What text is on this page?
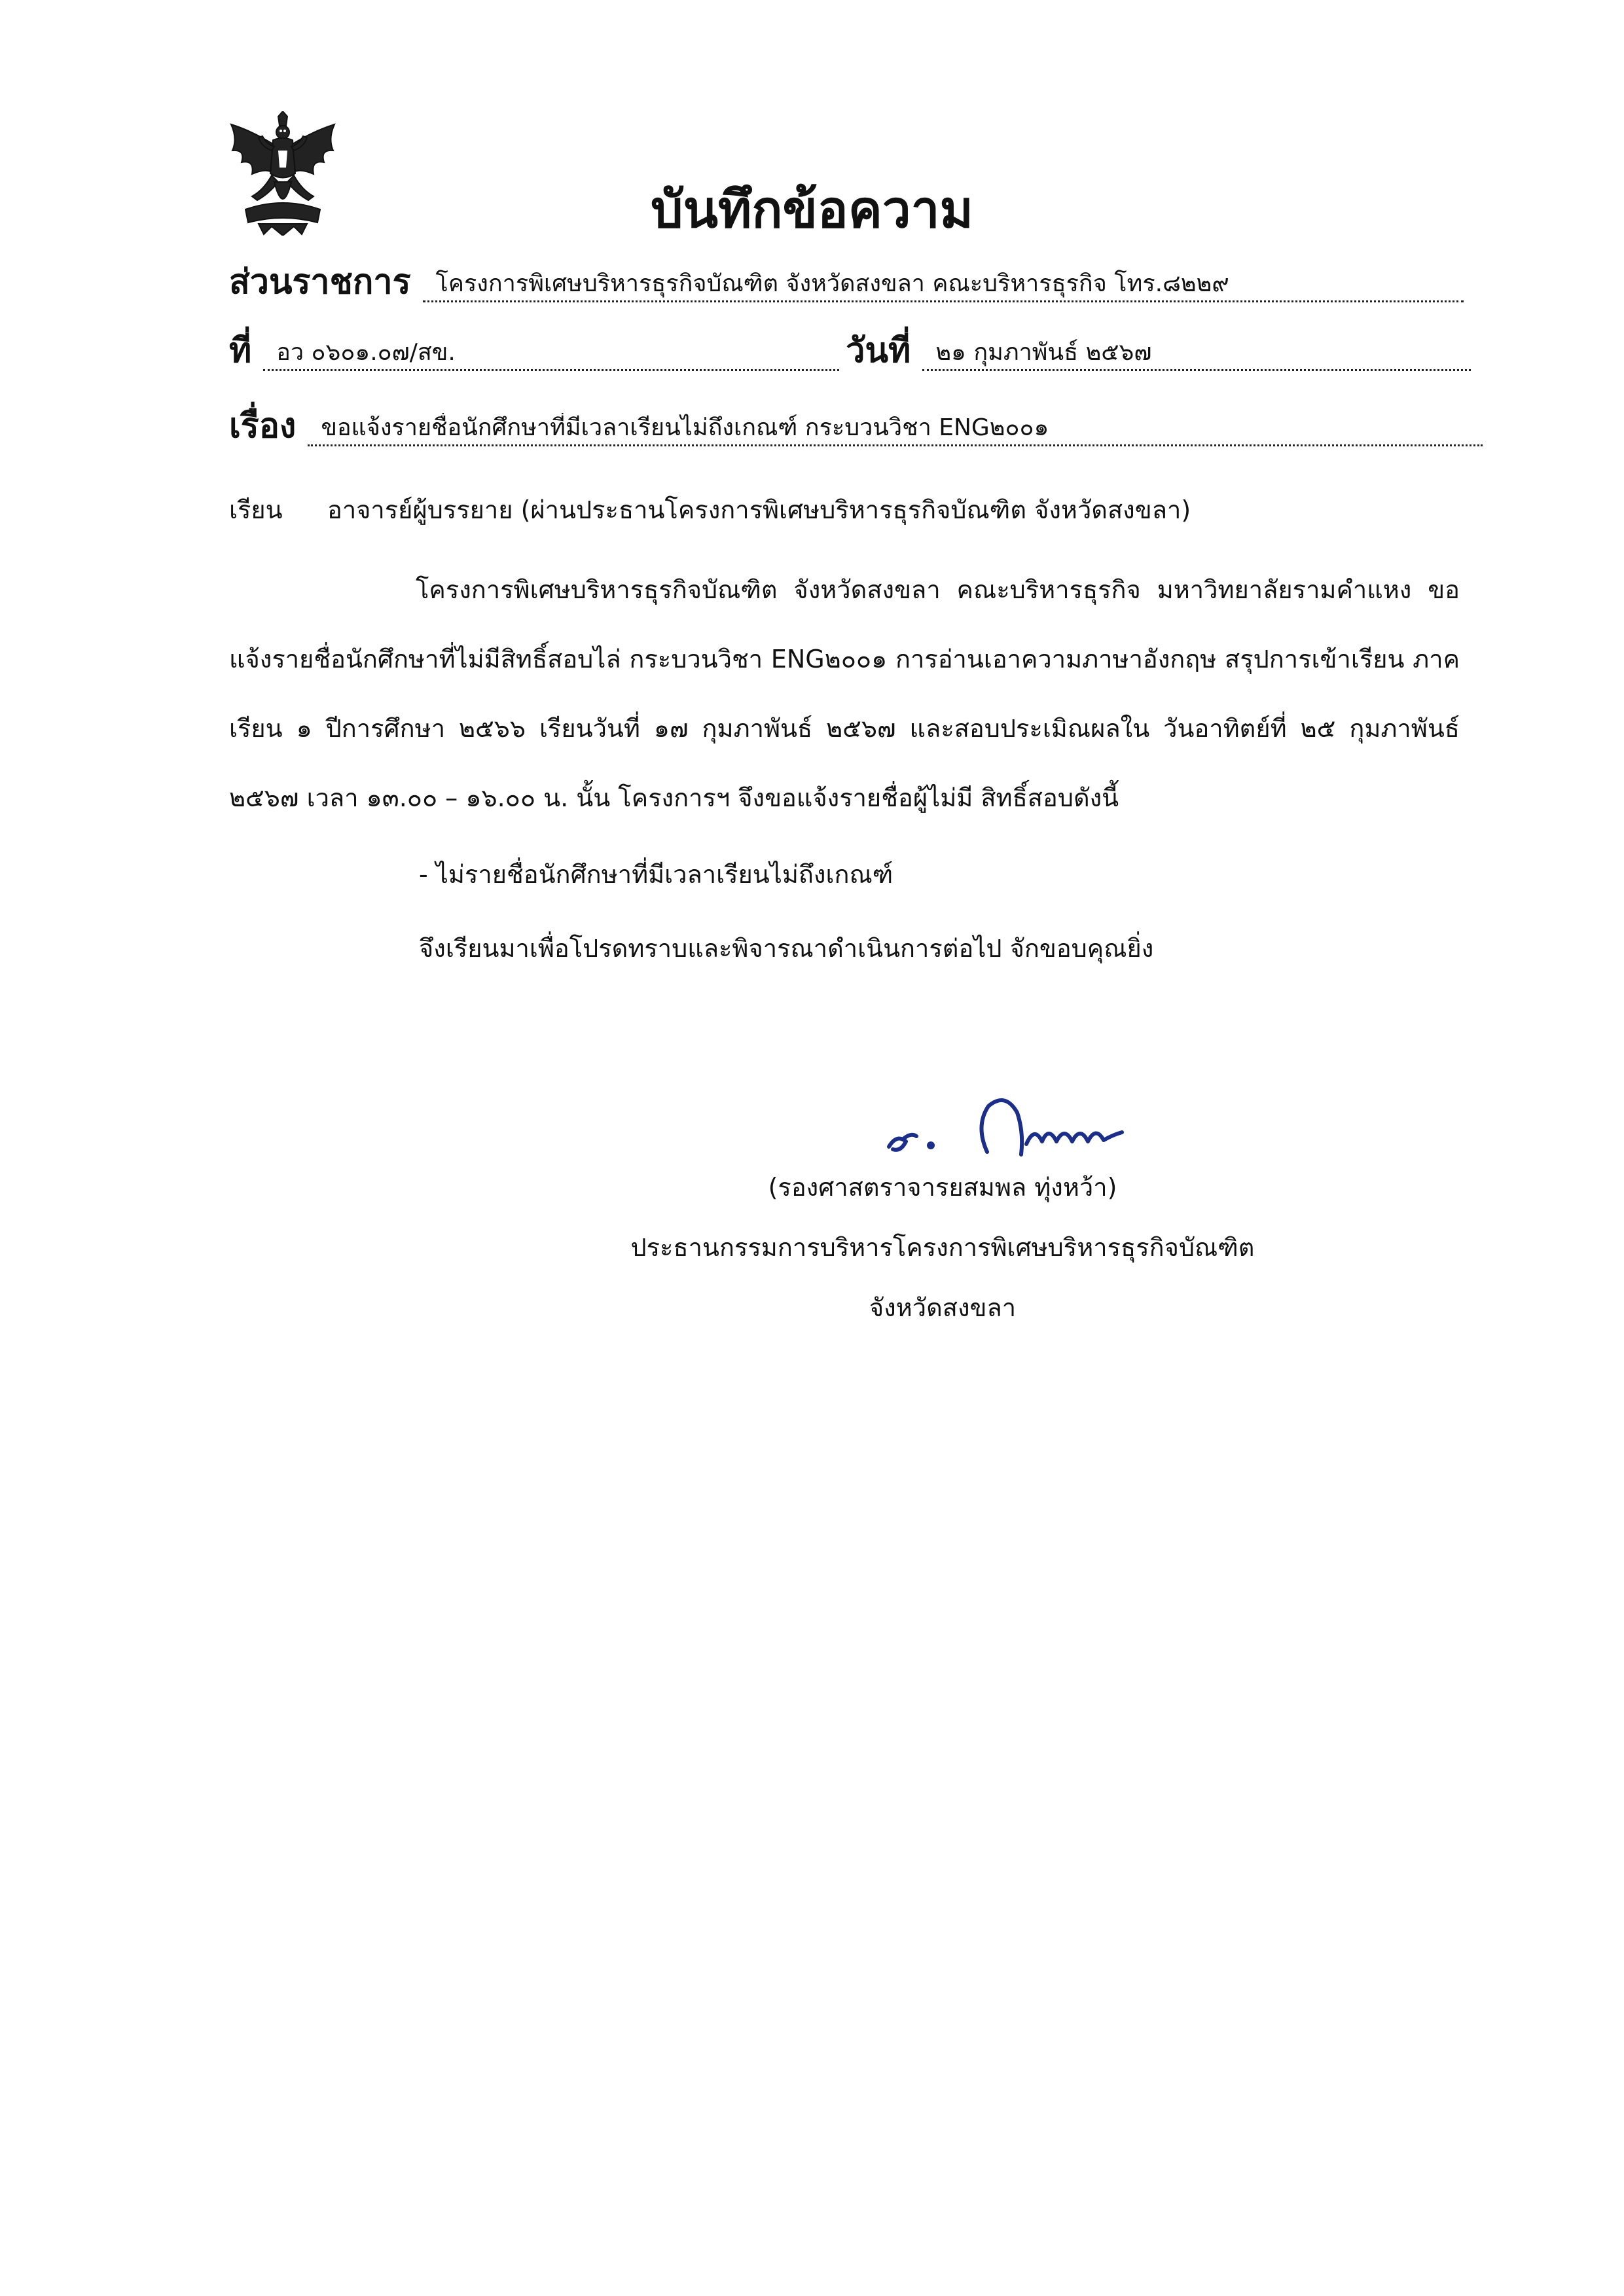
บันทึกข้อความ
ส่วนราชการ	โครงการพิเศษบริหารธุรกิจบัณฑิต จังหวัดสงขลา คณะบริหารธุรกิจ โทร.๘๒๒๙
ที่	อว ๐๖๐๑.๐๗/สข.	วันที่	๒๑ กุมภาพันธ์ ๒๕๖๗
เรื่อง	ขอแจ้งรายชื่อนักศึกษาที่มีเวลาเรียนไม่ถึงเกณฑ์ กระบวนวิชา ENG๒๐๐๑
เรียน อาจารย์ผู้บรรยาย (ผ่านประธานโครงการพิเศษบริหารธุรกิจบัณฑิต จังหวัดสงขลา)

โครงการพิเศษบริหารธุรกิจบัณฑิต จังหวัดสงขลา คณะบริหารธุรกิจ มหาวิทยาลัยรามคำแหง ขอแจ้งรายชื่อนักศึกษาที่ไม่มีสิทธิ์สอบไล่ กระบวนวิชา ENG๒๐๐๑ การอ่านเอาความภาษาอังกฤษ สรุปการเข้าเรียน ภาคเรียน ๑ ปีการศึกษา ๒๕๖๖ เรียนวันที่ ๑๗ กุมภาพันธ์ ๒๕๖๗ และสอบประเมิณผลใน วันอาทิตย์ที่ ๒๕ กุมภาพันธ์ ๒๕๖๗ เวลา ๑๓.๐๐ – ๑๖.๐๐ น. นั้น โครงการฯ จึงขอแจ้งรายชื่อผู้ไม่มี สิทธิ์สอบดังนี้

- ไม่รายชื่อนักศึกษาที่มีเวลาเรียนไม่ถึงเกณฑ์
จึงเรียนมาเพื่อโปรดทราบและพิจารณาดำเนินการต่อไป จักขอบคุณยิ่ง
(รองศาสตราจารยสมพล ทุ่งหว้า)
ประธานกรรมการบริหารโครงการพิเศษบริหารธุรกิจบัณฑิต
จังหวัดสงขลา
